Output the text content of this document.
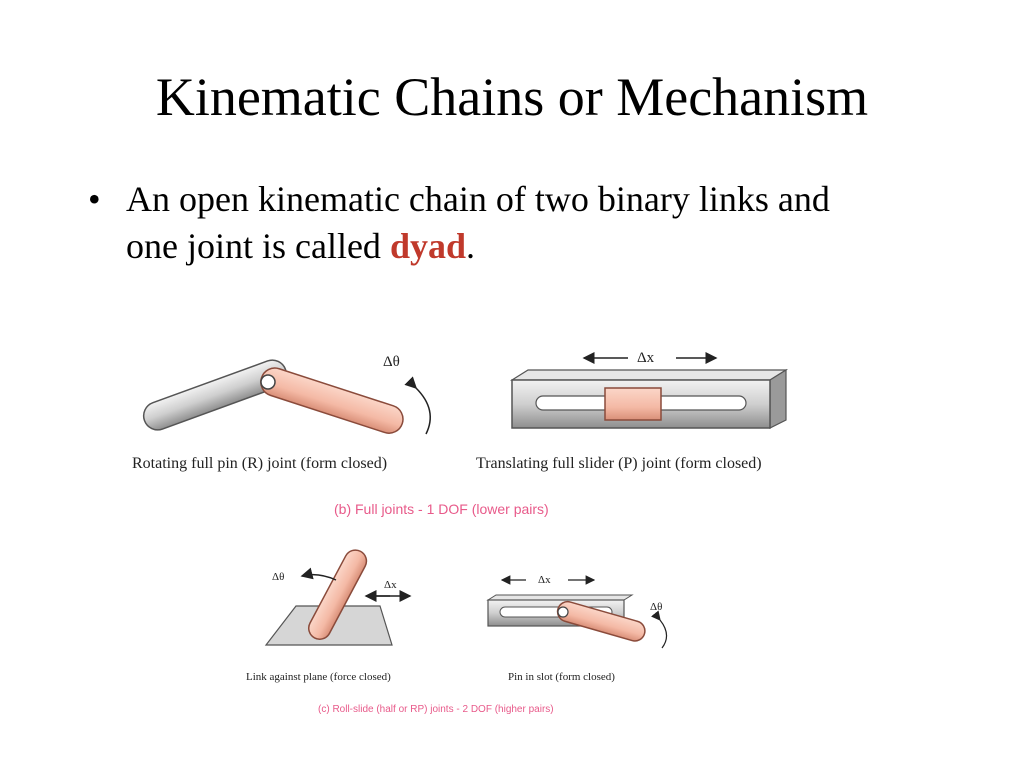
Kinematic Chains or Mechanism
• An open kinematic chain of two binary links and one joint is called dyad.
Δθ
Rotating full pin (R) joint (form closed)
Δx
Translating full slider (P) joint (form closed)
(b) Full joints - 1 DOF (lower pairs)
Δθ
Δx
Link against plane (force closed)
Δx
Δθ
Pin in slot (form closed)
(c) Roll-slide (half or RP) joints - 2 DOF (higher pairs)
